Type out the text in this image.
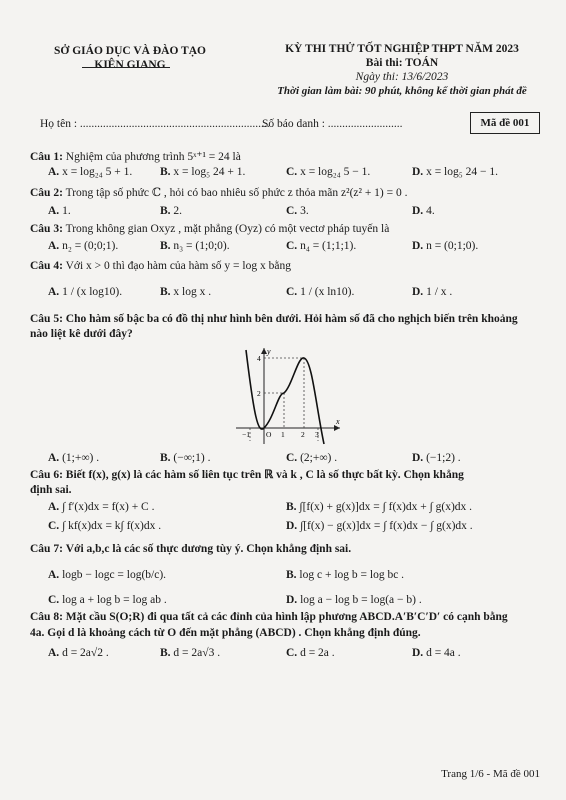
SỞ GIÁO DỤC VÀ ĐÀO TẠO
KIÊN GIANG
KỲ THI THỬ TỐT NGHIỆP THPT NĂM 2023
Bài thi: TOÁN
Ngày thi: 13/6/2023
Thời gian làm bài: 90 phút, không kể thời gian phát đề
Họ tên : ..................................................................
Số báo danh : ..........................	Mã đề 001
Câu 1: Nghiệm của phương trình 5ˣ⁺¹ = 24 là
A. x = log₂₄ 5 + 1. B. x = log₅ 24 + 1.	C. x = log₂₄ 5 − 1.	D. x = log₅ 24 − 1.
Câu 2: Trong tập số phức ℂ , hỏi có bao nhiêu số phức z thỏa mãn z²(z² + 1) = 0 .
A. 1.	B. 2.	C. 3.	D. 4.
Câu 3: Trong không gian Oxyz , mặt phẳng (Oyz) có một vectơ pháp tuyến là
A. n₂ = (0;0;1).	B. n₃ = (1;0;0).	C. n₄ = (1;1;1).	D. n = (0;1;0).
Câu 4: Với x > 0 thì đạo hàm của hàm số y = log x bằng
A. 1 / (x log10).	B. x log x .	C. 1 / (x ln10).	D. 1 / x .
Câu 5: Cho hàm số bậc ba có đồ thị như hình bên dưới. Hỏi hàm số đã cho nghịch biến trên khoảng
nào liệt kê dưới đây?
x
y
−1 O 1 2 3
2
4
A. (1;+∞) .	B. (−∞;1) .	C. (2;+∞) .	D. (−1;2) .
Câu 6: Biết f(x), g(x) là các hàm số liên tục trên ℝ và k , C là số thực bất kỳ. Chọn khẳng
định sai.
A. ∫ f′(x)dx = f(x) + C .	B. ∫[f(x) + g(x)]dx = ∫ f(x)dx + ∫ g(x)dx .
C. ∫ kf(x)dx = k∫ f(x)dx .	D. ∫[f(x) − g(x)]dx = ∫ f(x)dx − ∫ g(x)dx .
Câu 7: Với a,b,c là các số thực dương tùy ý. Chọn khẳng định sai.
A. logb − logc = log(b/c).	B. log c + log b = log bc .
C. log a + log b = log ab .	D. log a − log b = log(a − b) .
Câu 8: Mặt cầu S(O;R) đi qua tất cả các đỉnh của hình lập phương ABCD.A′B′C′D′ có cạnh bằng
4a. Gọi d là khoảng cách từ O đến mặt phẳng (ABCD) . Chọn khẳng định đúng.
A. d = 2a√2 .	B. d = 2a√3 .	C. d = 2a .	D. d = 4a .
Trang 1/6 - Mã đề 001
